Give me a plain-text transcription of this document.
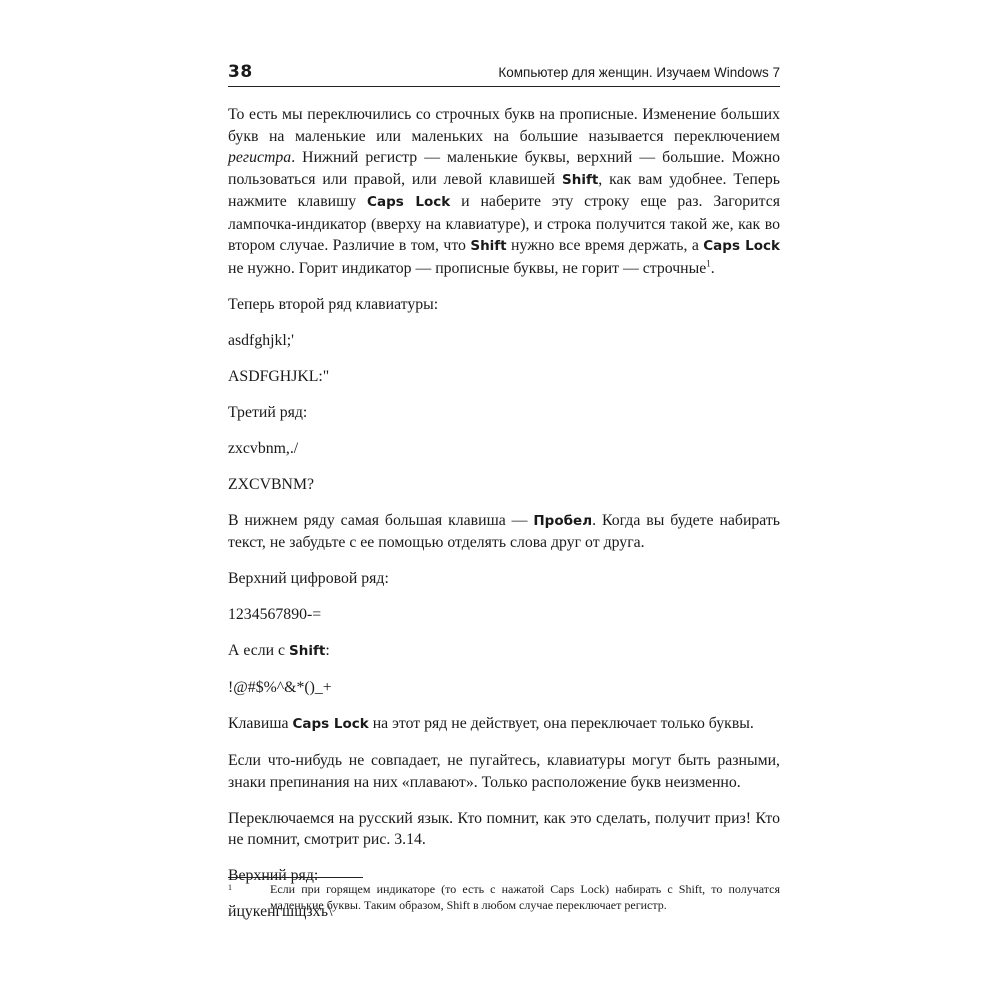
38	Компьютер для женщин. Изучаем Windows 7

То есть мы переключились со строчных букв на прописные. Изменение больших букв на маленькие или маленьких на большие называется переключением регистра. Нижний регистр — маленькие буквы, верхний — большие. Можно пользоваться или правой, или левой клавишей Shift, как вам удобнее. Теперь нажмите клавишу Caps Lock и наберите эту строку еще раз. Загорится лампочка-индикатор (вверху на клавиатуре), и строка получится такой же, как во втором случае. Различие в том, что Shift нужно все время держать, а Caps Lock не нужно. Горит индикатор — прописные буквы, не горит — строчные$^1$.

Теперь второй ряд клавиатуры:

asdfghjkl;'

ASDFGHJKL:"

Третий ряд:

zxcvbnm,./

ZXCVBNM?

В нижнем ряду самая большая клавиша — Пробел. Когда вы будете набирать текст, не забудьте с ее помощью отделять слова друг от друга.

Верхний цифровой ряд:

1234567890-=

А если с Shift:

!@#$%^&*()_+

Клавиша Caps Lock на этот ряд не действует, она переключает только буквы.

Если что-нибудь не совпадает, не пугайтесь, клавиатуры могут быть разными, знаки препинания на них «плавают». Только расположение букв неизменно.

Переключаемся на русский язык. Кто помнит, как это сделать, получит приз! Кто не помнит, смотрит рис. 3.14.

Верхний ряд:

йцукенгшщзхъ\

1	Если при горящем индикаторе (то есть с нажатой Caps Lock) набирать с Shift, то получатся маленькие буквы. Таким образом, Shift в любом случае переключает регистр.
